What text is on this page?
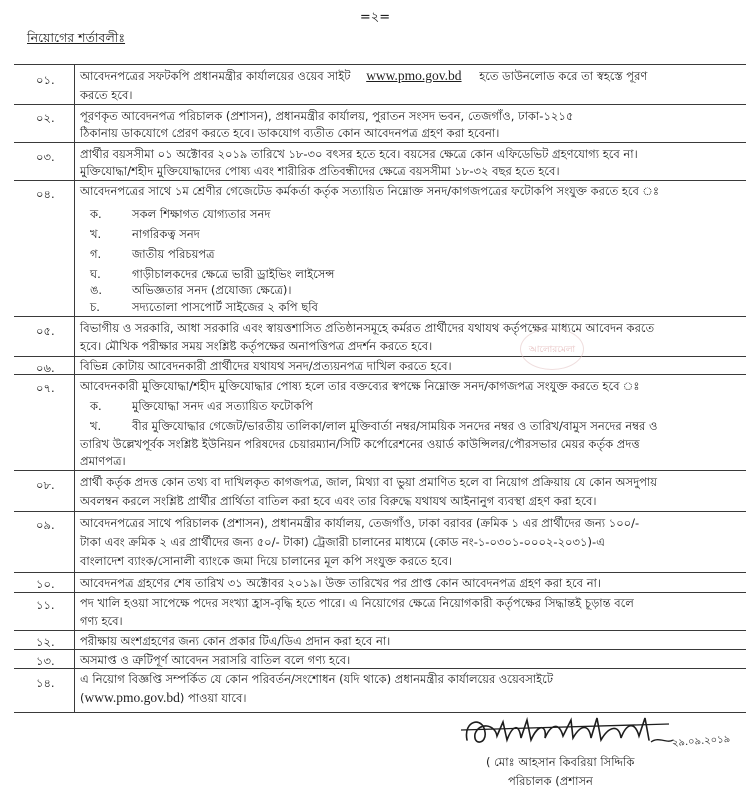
=২=
নিয়োগের শর্তাবলীঃ
০১. আবেদনপত্রের সফটকপি প্রধানমন্ত্রীর কার্যালয়ের ওয়েব সাইট www.pmo.gov.bd হতে ডাউনলোড করে তা স্বহস্তে পূরণ
করতে হবে।
০২. পূরণকৃত আবেদনপত্র পরিচালক (প্রশাসন), প্রধানমন্ত্রীর কার্যালয়, পুরাতন সংসদ ভবন, তেজগাঁও, ঢাকা-১২১৫
ঠিকানায় ডাকযোগে প্রেরণ করতে হবে। ডাকযোগ ব্যতীত কোন আবেদনপত্র গ্রহণ করা হবেনা।
০৩. প্রার্থীর বয়সসীমা ০১ অক্টোবর ২০১৯ তারিখে ১৮-৩০ বৎসর হতে হবে। বয়সের ক্ষেত্রে কোন এফিডেভিট গ্রহণযোগ্য হবে না।
মুক্তিযোদ্ধা/শহীদ মুক্তিযোদ্ধাদের পোষ্য এবং শারীরিক প্রতিবন্ধীদের ক্ষেত্রে বয়সসীমা ১৮-৩২ বছর হতে হবে।
০৪. আবেদনপত্রের সাথে ১ম শ্রেণীর গেজেটেড কর্মকর্তা কর্তৃক সত্যায়িত নিম্নোক্ত সনদ/কাগজপত্রের ফটোকপি সংযুক্ত করতে হবে ঃ
ক.	সকল শিক্ষাগত যোগ্যতার সনদ
খ.	নাগরিকত্ব সনদ
গ.	জাতীয় পরিচয়পত্র
ঘ.	গাড়ীচালকদের ক্ষেত্রে ভারী ড্রাইভিং লাইসেন্স
ঙ.	অভিজ্ঞতার সনদ (প্রযোজ্য ক্ষেত্রে)।
চ.	সদ্যতোলা পাসপোর্ট সাইজের ২ কপি ছবি
০৫. বিভাগীয় ও সরকারি, আধা সরকারি এবং স্বায়ত্তশাসিত প্রতিষ্ঠানসমূহে কর্মরত প্রার্থীদের যথাযথ কর্তৃপক্ষের মাধ্যমে আবেদন করতে
হবে। মৌখিক পরীক্ষার সময় সংশ্লিষ্ট কর্তৃপক্ষের অনাপত্তিপত্র প্রদর্শন করতে হবে।	আলোরমেলা
০৬. বিভিন্ন কোটায় আবেদনকারী প্রার্থীদের যথাযথ সনদ/প্রত্যয়নপত্র দাখিল করতে হবে।
০৭. আবেদনকারী মুক্তিযোদ্ধা/শহীদ মুক্তিযোদ্ধার পোষ্য হলে তার বক্তব্যের স্বপক্ষে নিম্নোক্ত সনদ/কাগজপত্র সংযুক্ত করতে হবে ঃ
ক.	মুক্তিযোদ্ধা সনদ এর সত্যায়িত ফটোকপি
খ.	বীর মুক্তিযোদ্ধার গেজেট/ভারতীয় তালিকা/লাল মুক্তিবার্তা নম্বর/সাময়িক সনদের নম্বর ও তারিখ/বামুস সনদের নম্বর ও
তারিখ উল্লেখপূর্বক সংশ্লিষ্ট ইউনিয়ন পরিষদের চেয়ারম্যান/সিটি কর্পোরেশনের ওয়ার্ড কাউন্সিলর/পৌরসভার মেয়র কর্তৃক প্রদত্ত
প্রমাণপত্র।
০৮. প্রার্থী কর্তৃক প্রদত্ত কোন তথ্য বা দাখিলকৃত কাগজপত্র, জাল, মিথ্যা বা ভুয়া প্রমাণিত হলে বা নিয়োগ প্রক্রিয়ায় যে কোন অসদুপায়
অবলম্বন করলে সংশ্লিষ্ট প্রার্থীর প্রার্থিতা বাতিল করা হবে এবং তার বিরুদ্ধে যথাযথ আইনানুগ ব্যবস্থা গ্রহণ করা হবে।
০৯. আবেদনপত্রের সাথে পরিচালক (প্রশাসন), প্রধানমন্ত্রীর কার্যালয়, তেজগাঁও, ঢাকা বরাবর (ক্রমিক ১ এর প্রার্থীদের জন্য ১০০/-
টাকা এবং ক্রমিক ২ এর প্রার্থীদের জন্য ৫০/- টাকা) ট্রেজারী চালানের মাধ্যমে (কোড নং-১-০৩০১-০০০২-২০৩১)-এ
বাংলাদেশ ব্যাংক/সোনালী ব্যাংকে জমা দিয়ে চালানের মূল কপি সংযুক্ত করতে হবে।
১০. আবেদনপত্র গ্রহণের শেষ তারিখ ৩১ অক্টোবর ২০১৯। উক্ত তারিখের পর প্রাপ্ত কোন আবেদনপত্র গ্রহণ করা হবে না।
১১. পদ খালি হওয়া সাপেক্ষে পদের সংখ্যা হ্রাস-বৃদ্ধি হতে পারে। এ নিয়োগের ক্ষেত্রে নিয়োগকারী কর্তৃপক্ষের সিদ্ধান্তই চূড়ান্ত বলে
গণ্য হবে।
১২. পরীক্ষায় অংশগ্রহণের জন্য কোন প্রকার টিএ/ডিএ প্রদান করা হবে না।
১৩. অসমাপ্ত ও ত্রুটিপূর্ণ আবেদন সরাসরি বাতিল বলে গণ্য হবে।
১৪. এ নিয়োগ বিজ্ঞপ্তি সম্পর্কিত যে কোন পরিবর্তন/সংশোধন (যদি থাকে) প্রধানমন্ত্রীর কার্যালয়ের ওয়েবসাইটে
(www.pmo.gov.bd) পাওয়া যাবে।
২৯.০৯.২০১৯
( মোঃ আহসান কিবরিয়া সিদ্দিকি
পরিচালক (প্রশাসন
